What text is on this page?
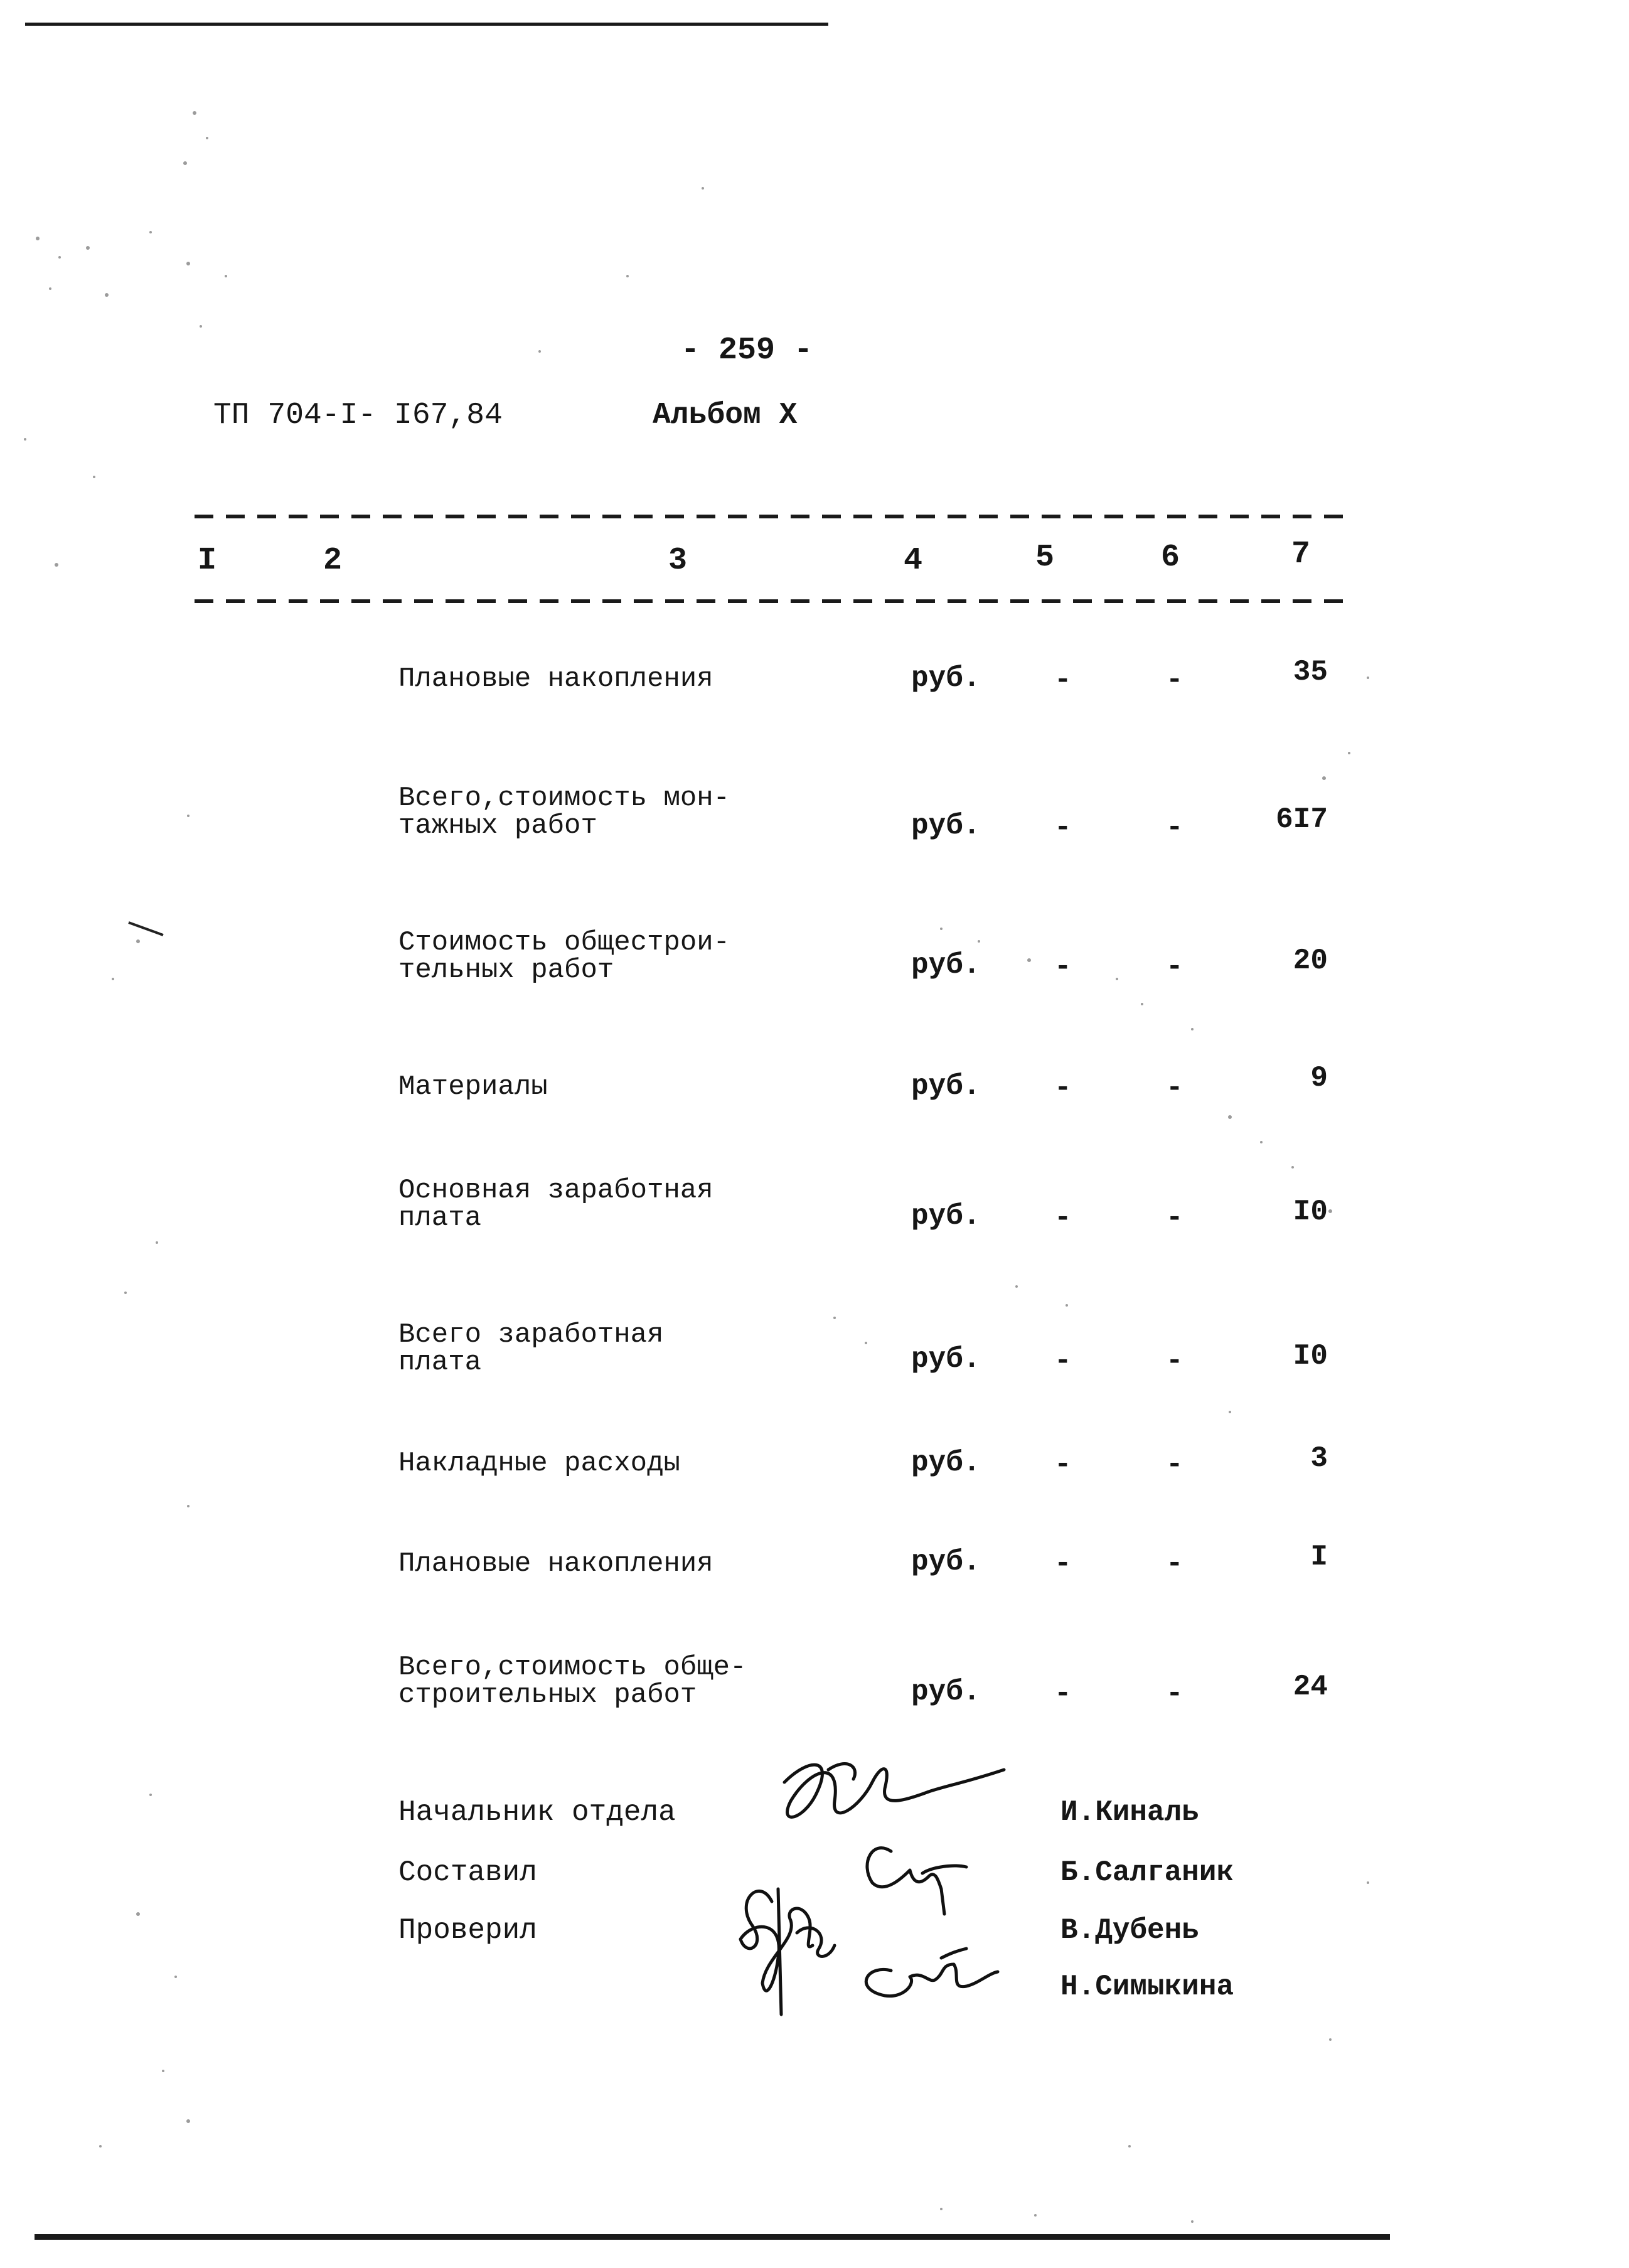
- 259 -
ТП 704-I- I67,84	Альбом X
I	2	3	4	5	6	7
Плановые накопления	руб.	-	-	35
Всего,стоимость мон-
тажных работ	руб.	-	-	6I7
Стоимость общестрои-
тельных работ	руб.	-	-	20
Материалы	руб.	-	-	9
Основная заработная
плата	руб.	-	-	I0
Всего заработная
плата	руб.	-	-	I0
Накладные расходы	руб.	-	-	3
Плановые накопления	руб.	-	-	I
Всего,стоимость обще-
строительных работ	руб.	-	-	24
Начальник отдела
Составил
Проверил
И.Киналь
Б.Салганик
В.Дубень
Н.Симыкина
